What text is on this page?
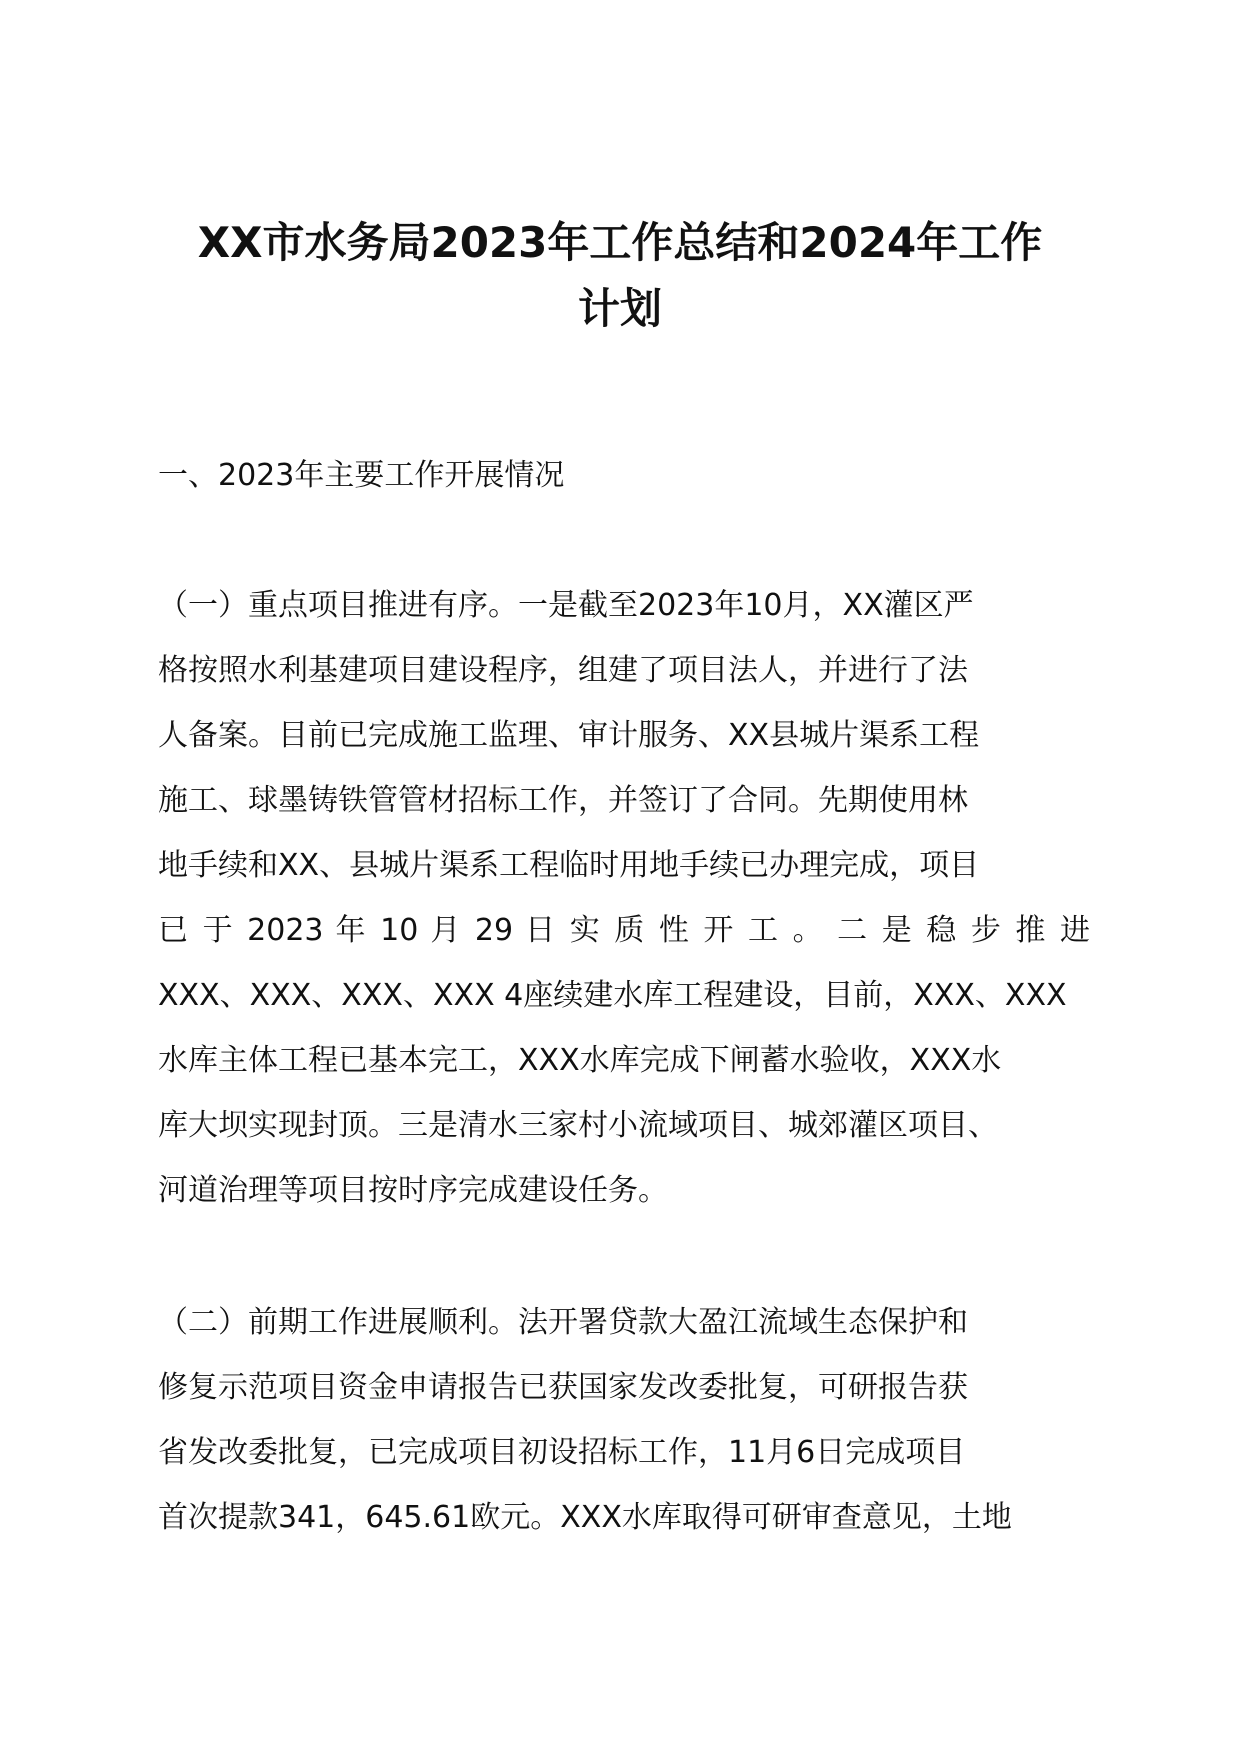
XX市水务局2023年工作总结和2024年工作
计划
一、2023年主要工作开展情况
（一）重点项目推进有序。一是截至2023年10月，XX灌区严
格按照水利基建项目建设程序，组建了项目法人，并进行了法
人备案。目前已完成施工监理、审计服务、XX县城片渠系工程
施工、球墨铸铁管管材招标工作，并签订了合同。先期使用林
地手续和XX、县城片渠系工程临时用地手续已办理完成，项目
已 于 2023 年 10 月 29 日 实 质 性 开 工 。 二 是 稳 步 推 进
XXX、XXX、XXX、XXX 4座续建水库工程建设，目前，XXX、XXX
水库主体工程已基本完工，XXX水库完成下闸蓄水验收，XXX水
库大坝实现封顶。三是清水三家村小流域项目、城郊灌区项目、
河道治理等项目按时序完成建设任务。
（二）前期工作进展顺利。法开署贷款大盈江流域生态保护和
修复示范项目资金申请报告已获国家发改委批复，可研报告获
省发改委批复，已完成项目初设招标工作，11月6日完成项目
首次提款341，645.61欧元。XXX水库取得可研审查意见，土地
